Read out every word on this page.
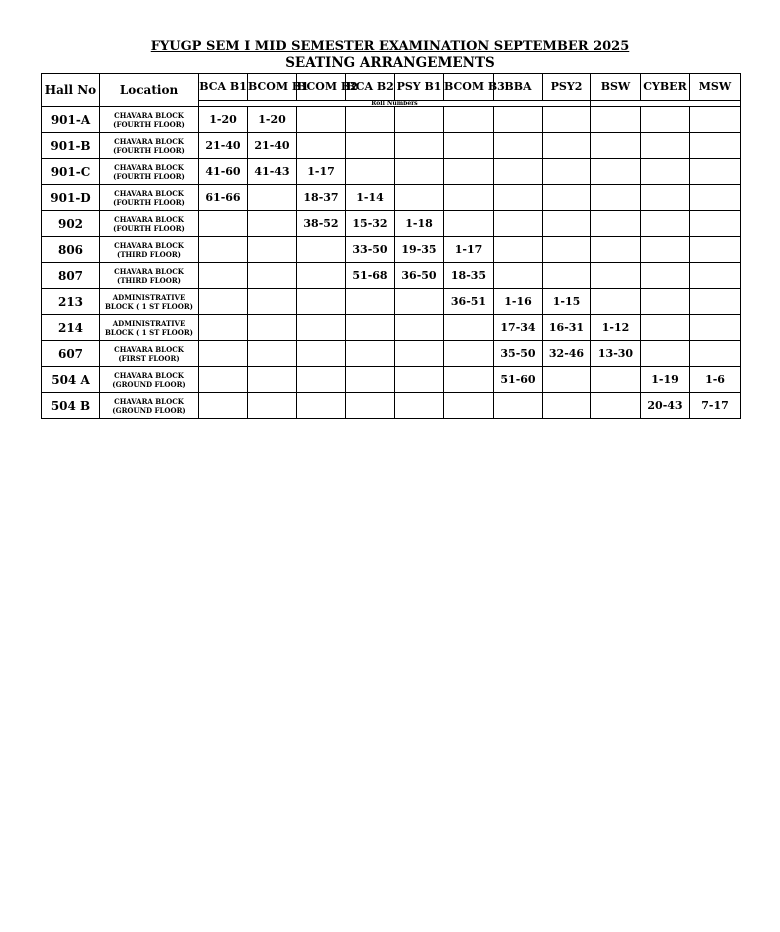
FYUGP SEM I MID SEMESTER EXAMINATION SEPTEMBER 2025
SEATING ARRANGEMENTS
Hall No	Location	BCA B1	BCOM B1	BCOM B2	BCA B2	PSY B1	BCOM B3	BBA	PSY2	BSW	CYBER	MSW
		Roll Numbers										
901-A	CHAVARA BLOCK
(FOURTH FLOOR)	1-20	1-20									
901-B	CHAVARA BLOCK
(FOURTH FLOOR)	21-40	21-40									
901-C	CHAVARA BLOCK
(FOURTH FLOOR)	41-60	41-43	1-17								
901-D	CHAVARA BLOCK
(FOURTH FLOOR)	61-66		18-37	1-14							
902	CHAVARA BLOCK
(FOURTH FLOOR)			38-52	15-32	1-18						
806	CHAVARA BLOCK
(THIRD FLOOR)				33-50	19-35	1-17					
807	CHAVARA BLOCK
(THIRD FLOOR)				51-68	36-50	18-35					
213	ADMINISTRATIVE
BLOCK ( 1 ST FLOOR)						36-51	1-16	1-15			
214	ADMINISTRATIVE
BLOCK ( 1 ST FLOOR)							17-34	16-31	1-12		
607	CHAVARA BLOCK
(FIRST FLOOR)							35-50	32-46	13-30		
504 A	CHAVARA BLOCK
(GROUND FLOOR)							51-60			1-19	1-6
504 B	CHAVARA BLOCK
(GROUND FLOOR)										20-43	7-17
